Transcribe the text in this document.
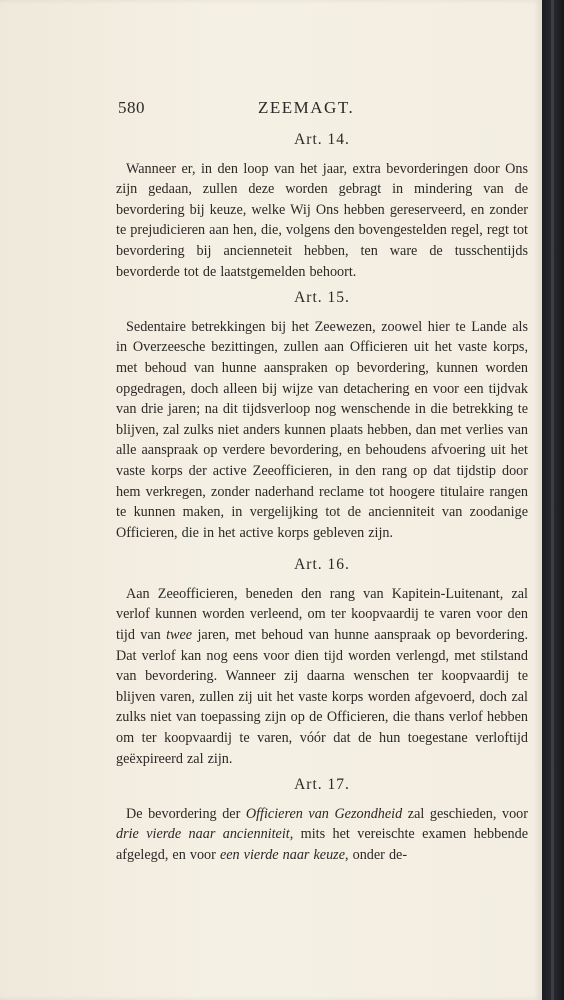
580	ZEEMAGT.
Art. 14.

Wanneer er, in den loop van het jaar, extra bevorderingen door Ons zijn gedaan, zullen deze worden gebragt in mindering van de bevordering bij keuze, welke Wij Ons hebben gereserveerd, en zonder te prejudicieren aan hen, die, volgens den bovengestelden regel, regt tot bevordering bij ancienneteit hebben, ten ware de tusschentijds bevorderde tot de laatstgemelden behoort.

Art. 15.

Sedentaire betrekkingen bij het Zeewezen, zoowel hier te Lande als in Overzeesche bezittingen, zullen aan Officieren uit het vaste korps, met behoud van hunne aanspraken op bevordering, kunnen worden opgedragen, doch alleen bij wijze van detachering en voor een tijdvak van drie jaren; na dit tijdsverloop nog wenschende in die betrekking te blijven, zal zulks niet anders kunnen plaats hebben, dan met verlies van alle aanspraak op verdere bevordering, en behoudens afvoering uit het vaste korps der active Zeeofficieren, in den rang op dat tijdstip door hem verkregen, zonder naderhand reclame tot hoogere titulaire rangen te kunnen maken, in vergelijking tot de ancienniteit van zoodanige Officieren, die in het active korps gebleven zijn.

Art. 16.

Aan Zeeofficieren, beneden den rang van Kapitein-Luitenant, zal verlof kunnen worden verleend, om ter koopvaardij te varen voor den tijd van twee jaren, met behoud van hunne aanspraak op bevordering. Dat verlof kan nog eens voor dien tijd worden verlengd, met stilstand van bevordering. Wanneer zij daarna wenschen ter koopvaardij te blijven varen, zullen zij uit het vaste korps worden afgevoerd, doch zal zulks niet van toepassing zijn op de Officieren, die thans verlof hebben om ter koopvaardij te varen, vóór dat de hun toegestane verloftijd geëxpireerd zal zijn.

Art. 17.

De bevordering der Officieren van Gezondheid zal geschieden, voor drie vierde naar ancienniteit, mits het vereischte examen hebbende afgelegd, en voor een vierde naar keuze, onder de-
